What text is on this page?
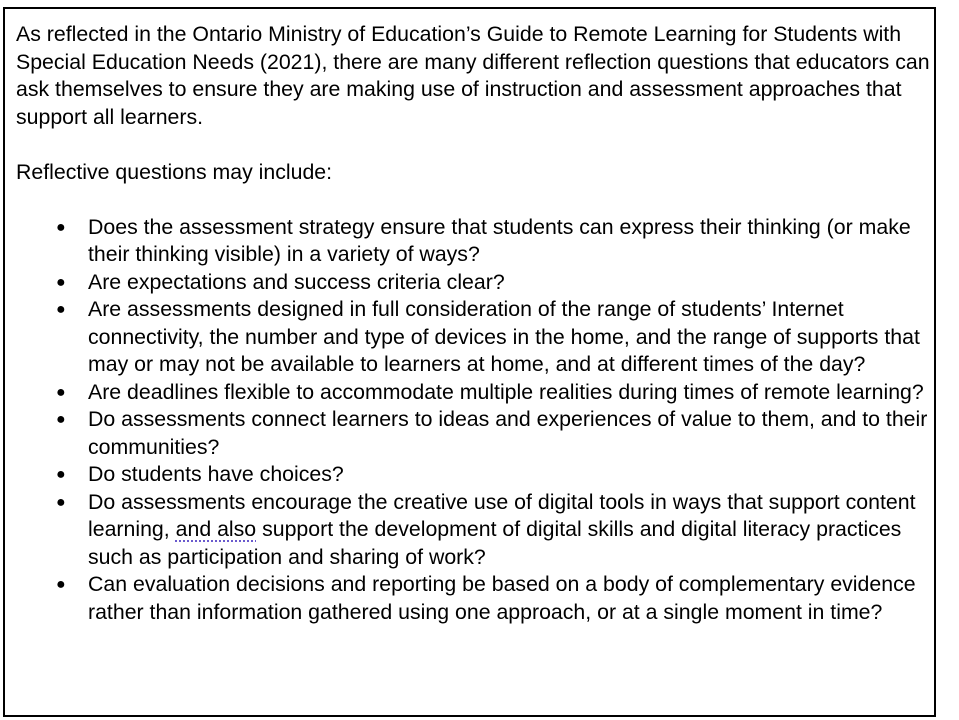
As reflected in the Ontario Ministry of Education’s Guide to Remote Learning for Students with Special Education Needs (2021), there are many different reflection questions that educators can ask themselves to ensure they are making use of instruction and assessment approaches that support all learners.

Reflective questions may include:

● Does the assessment strategy ensure that students can express their thinking (or make their thinking visible) in a variety of ways?
● Are expectations and success criteria clear?
● Are assessments designed in full consideration of the range of students’ Internet connectivity, the number and type of devices in the home, and the range of supports that may or may not be available to learners at home, and at different times of the day?
● Are deadlines flexible to accommodate multiple realities during times of remote learning?
● Do assessments connect learners to ideas and experiences of value to them, and to their communities?
● Do students have choices?
● Do assessments encourage the creative use of digital tools in ways that support content learning, and also support the development of digital skills and digital literacy practices such as participation and sharing of work?
● Can evaluation decisions and reporting be based on a body of complementary evidence rather than information gathered using one approach, or at a single moment in time?
